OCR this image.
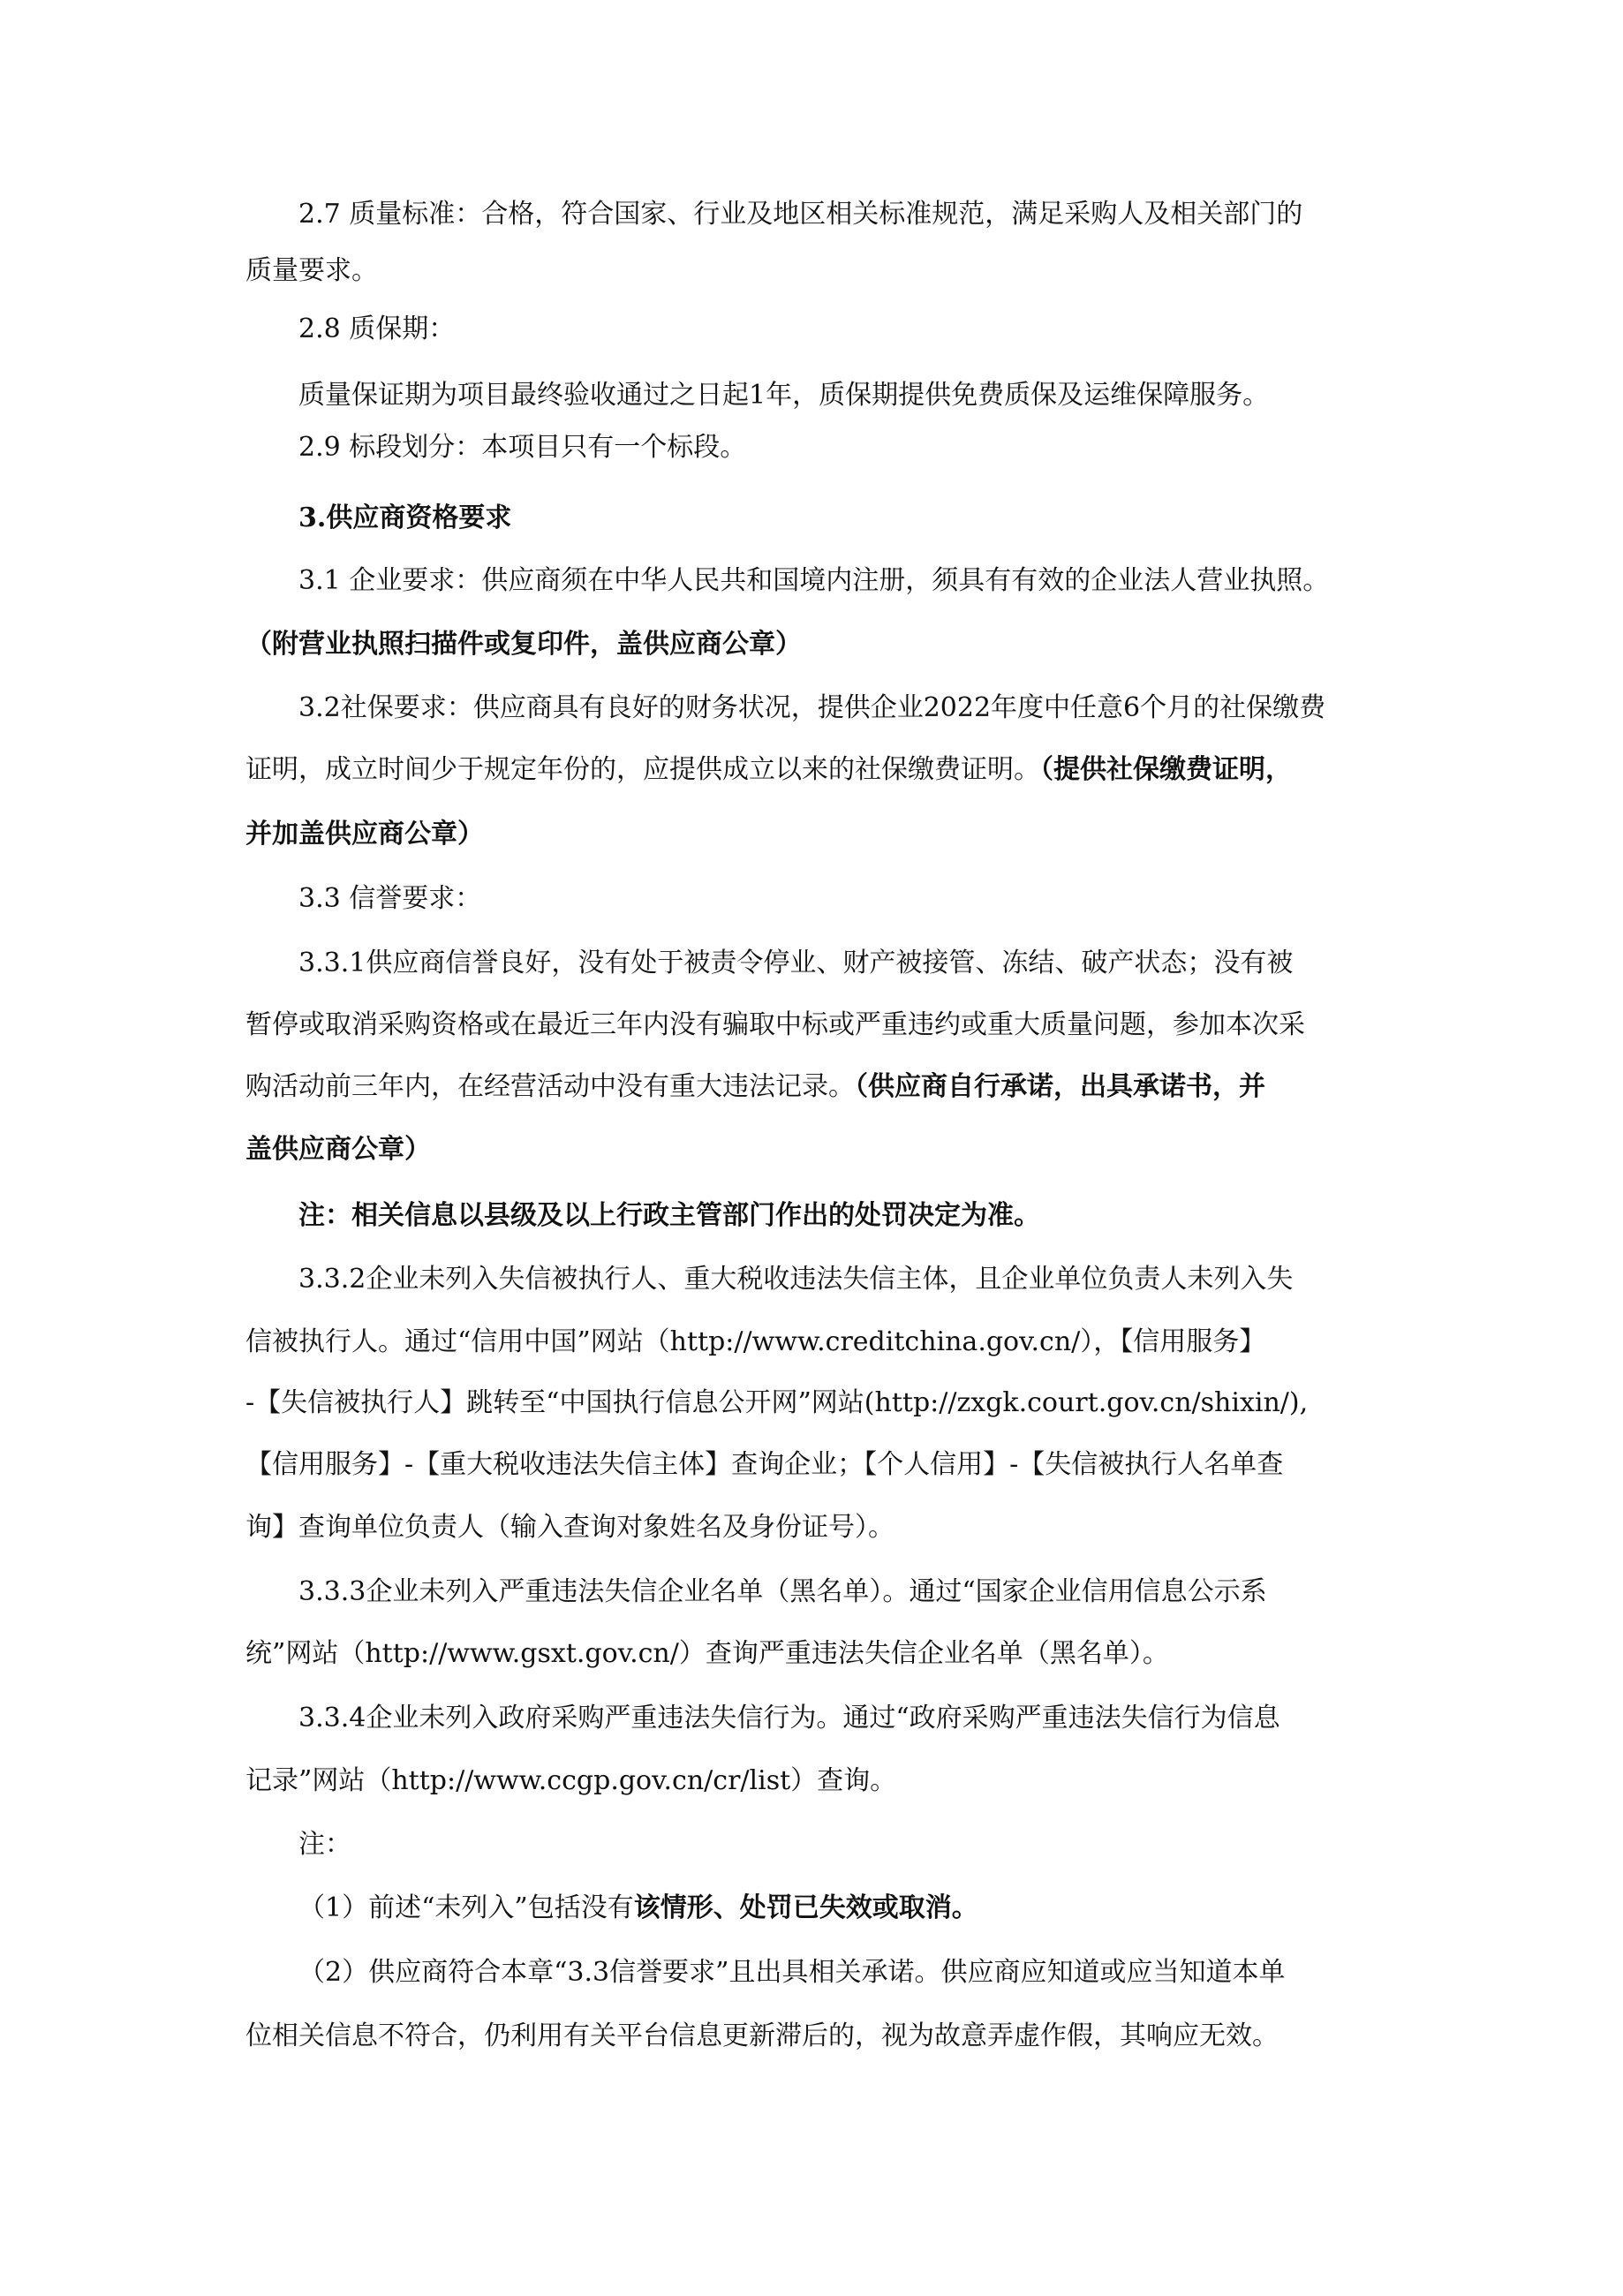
2.7 质量标准：合格，符合国家、行业及地区相关标准规范，满足采购人及相关部门的

质量要求。

2.8 质保期：

质量保证期为项目最终验收通过之日起1年，质保期提供免费质保及运维保障服务。

2.9 标段划分：本项目只有一个标段。

3.供应商资格要求

3.1 企业要求：供应商须在中华人民共和国境内注册，须具有有效的企业法人营业执照。

（附营业执照扫描件或复印件，盖供应商公章）

3.2社保要求：供应商具有良好的财务状况，提供企业2022年度中任意6个月的社保缴费

证明，成立时间少于规定年份的，应提供成立以来的社保缴费证明。（提供社保缴费证明，

并加盖供应商公章）

3.3 信誉要求：

3.3.1供应商信誉良好，没有处于被责令停业、财产被接管、冻结、破产状态；没有被

暂停或取消采购资格或在最近三年内没有骗取中标或严重违约或重大质量问题，参加本次采

购活动前三年内，在经营活动中没有重大违法记录。（供应商自行承诺，出具承诺书，并

盖供应商公章）

注：相关信息以县级及以上行政主管部门作出的处罚决定为准。

3.3.2企业未列入失信被执行人、重大税收违法失信主体，且企业单位负责人未列入失

信被执行人。通过“信用中国”网站（http://www.creditchina.gov.cn/），【信用服务】

-【失信被执行人】跳转至“中国执行信息公开网”网站(http://zxgk.court.gov.cn/shixin/),

【信用服务】-【重大税收违法失信主体】查询企业；【个人信用】-【失信被执行人名单查

询】查询单位负责人（输入查询对象姓名及身份证号）。

3.3.3企业未列入严重违法失信企业名单（黑名单）。通过“国家企业信用信息公示系

统”网站（http://www.gsxt.gov.cn/）查询严重违法失信企业名单（黑名单）。

3.3.4企业未列入政府采购严重违法失信行为。通过“政府采购严重违法失信行为信息

记录”网站（http://www.ccgp.gov.cn/cr/list）查询。

注：

（1）前述“未列入”包括没有该情形、处罚已失效或取消。

（2）供应商符合本章“3.3信誉要求”且出具相关承诺。供应商应知道或应当知道本单

位相关信息不符合，仍利用有关平台信息更新滞后的，视为故意弄虚作假，其响应无效。
